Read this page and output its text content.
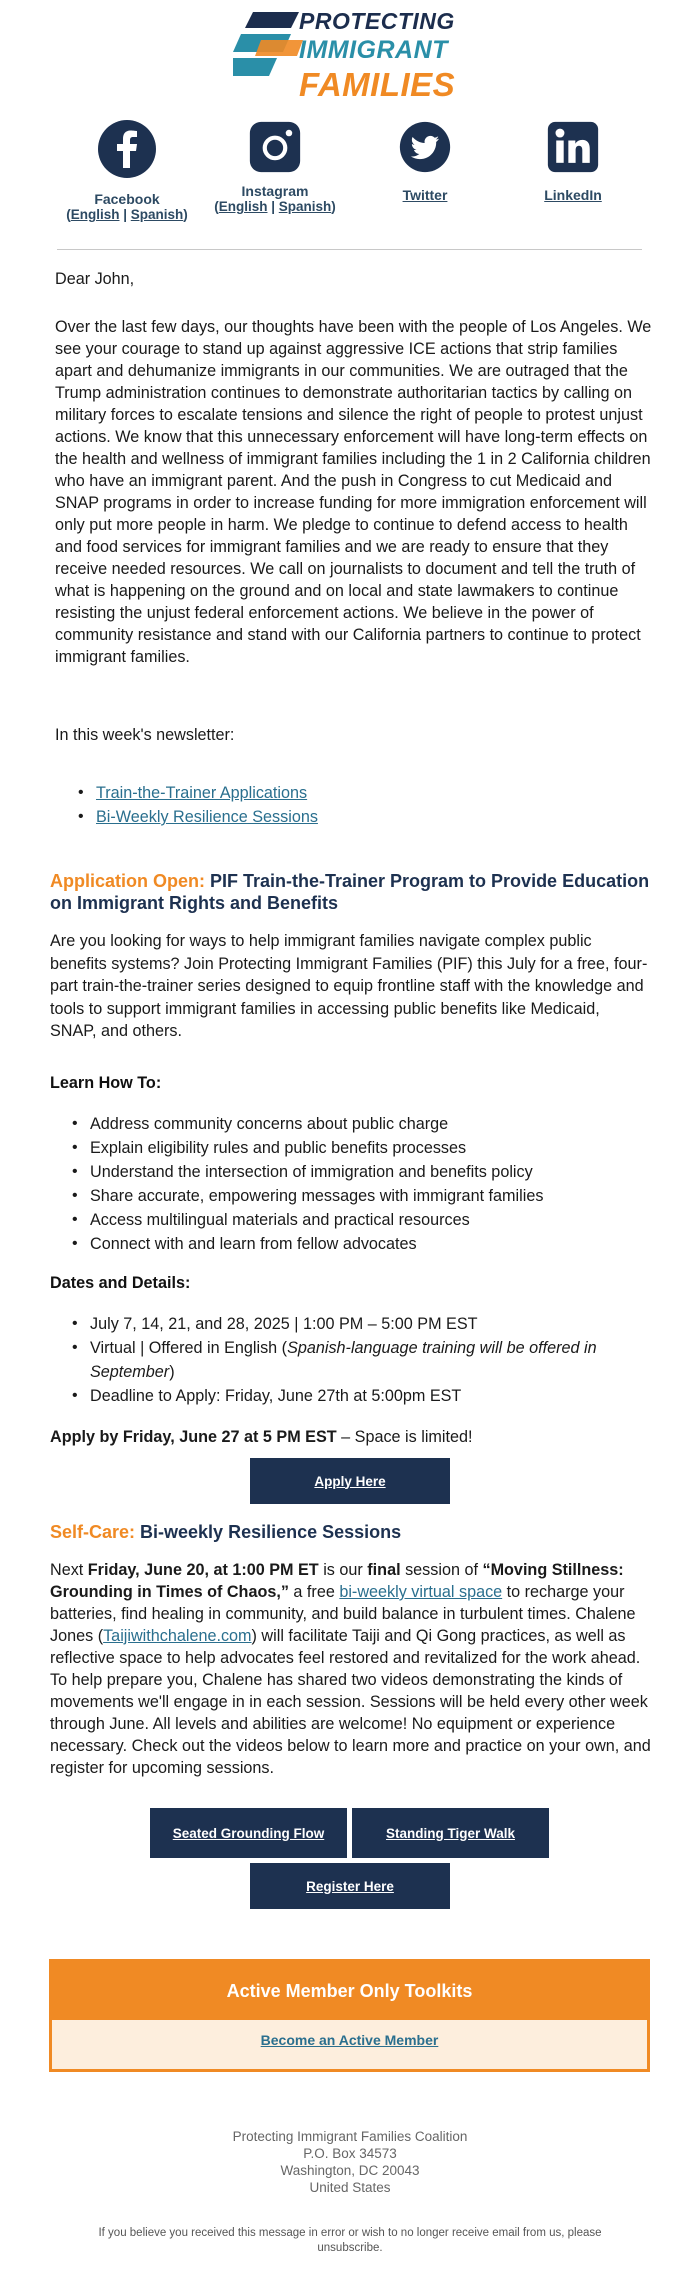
PROTECTING
IMMIGRANT
FAMILIES
Facebook
(English | Spanish)
Instagram
(English | Spanish)
Twitter	LinkedIn
Dear John,
Over the last few days, our thoughts have been with the people of Los Angeles. We see your courage to stand up against aggressive ICE actions that strip families apart and dehumanize immigrants in our communities. We are outraged that the Trump administration continues to demonstrate authoritarian tactics by calling on military forces to escalate tensions and silence the right of people to protest unjust actions. We know that this unnecessary enforcement will have long-term effects on the health and wellness of immigrant families including the 1 in 2 California children who have an immigrant parent. And the push in Congress to cut Medicaid and SNAP programs in order to increase funding for more immigration enforcement will only put more people in harm. We pledge to continue to defend access to health and food services for immigrant families and we are ready to ensure that they receive needed resources. We call on journalists to document and tell the truth of what is happening on the ground and on local and state lawmakers to continue resisting the unjust federal enforcement actions. We believe in the power of community resistance and stand with our California partners to continue to protect immigrant families.
In this week's newsletter:
• Train-the-Trainer Applications
• Bi-Weekly Resilience Sessions
Application Open: PIF Train-the-Trainer Program to Provide Education on Immigrant Rights and Benefits
Are you looking for ways to help immigrant families navigate complex public benefits systems? Join Protecting Immigrant Families (PIF) this July for a free, four-part train-the-trainer series designed to equip frontline staff with the knowledge and tools to support immigrant families in accessing public benefits like Medicaid, SNAP, and others.
Learn How To:
• Address community concerns about public charge
• Explain eligibility rules and public benefits processes
• Understand the intersection of immigration and benefits policy
• Share accurate, empowering messages with immigrant families
• Access multilingual materials and practical resources
• Connect with and learn from fellow advocates
Dates and Details:
• July 7, 14, 21, and 28, 2025 | 1:00 PM – 5:00 PM EST
• Virtual | Offered in English (Spanish-language training will be offered in September)
• Deadline to Apply: Friday, June 27th at 5:00pm EST
Apply by Friday, June 27 at 5 PM EST – Space is limited!
Apply Here
Self-Care: Bi-weekly Resilience Sessions
Next Friday, June 20, at 1:00 PM ET is our final session of “Moving Stillness: Grounding in Times of Chaos,” a free bi-weekly virtual space to recharge your batteries, find healing in community, and build balance in turbulent times. Chalene Jones (Taijiwithchalene.com) will facilitate Taiji and Qi Gong practices, as well as reflective space to help advocates feel restored and revitalized for the work ahead. To help prepare you, Chalene has shared two videos demonstrating the kinds of movements we'll engage in in each session. Sessions will be held every other week through June. All levels and abilities are welcome! No equipment or experience necessary. Check out the videos below to learn more and practice on your own, and register for upcoming sessions.
Seated Grounding Flow	Standing Tiger Walk
Register Here
Active Member Only Toolkits
Become an Active Member
Protecting Immigrant Families Coalition
P.O. Box 34573
Washington, DC 20043
United States
If you believe you received this message in error or wish to no longer receive email from us, please unsubscribe.
